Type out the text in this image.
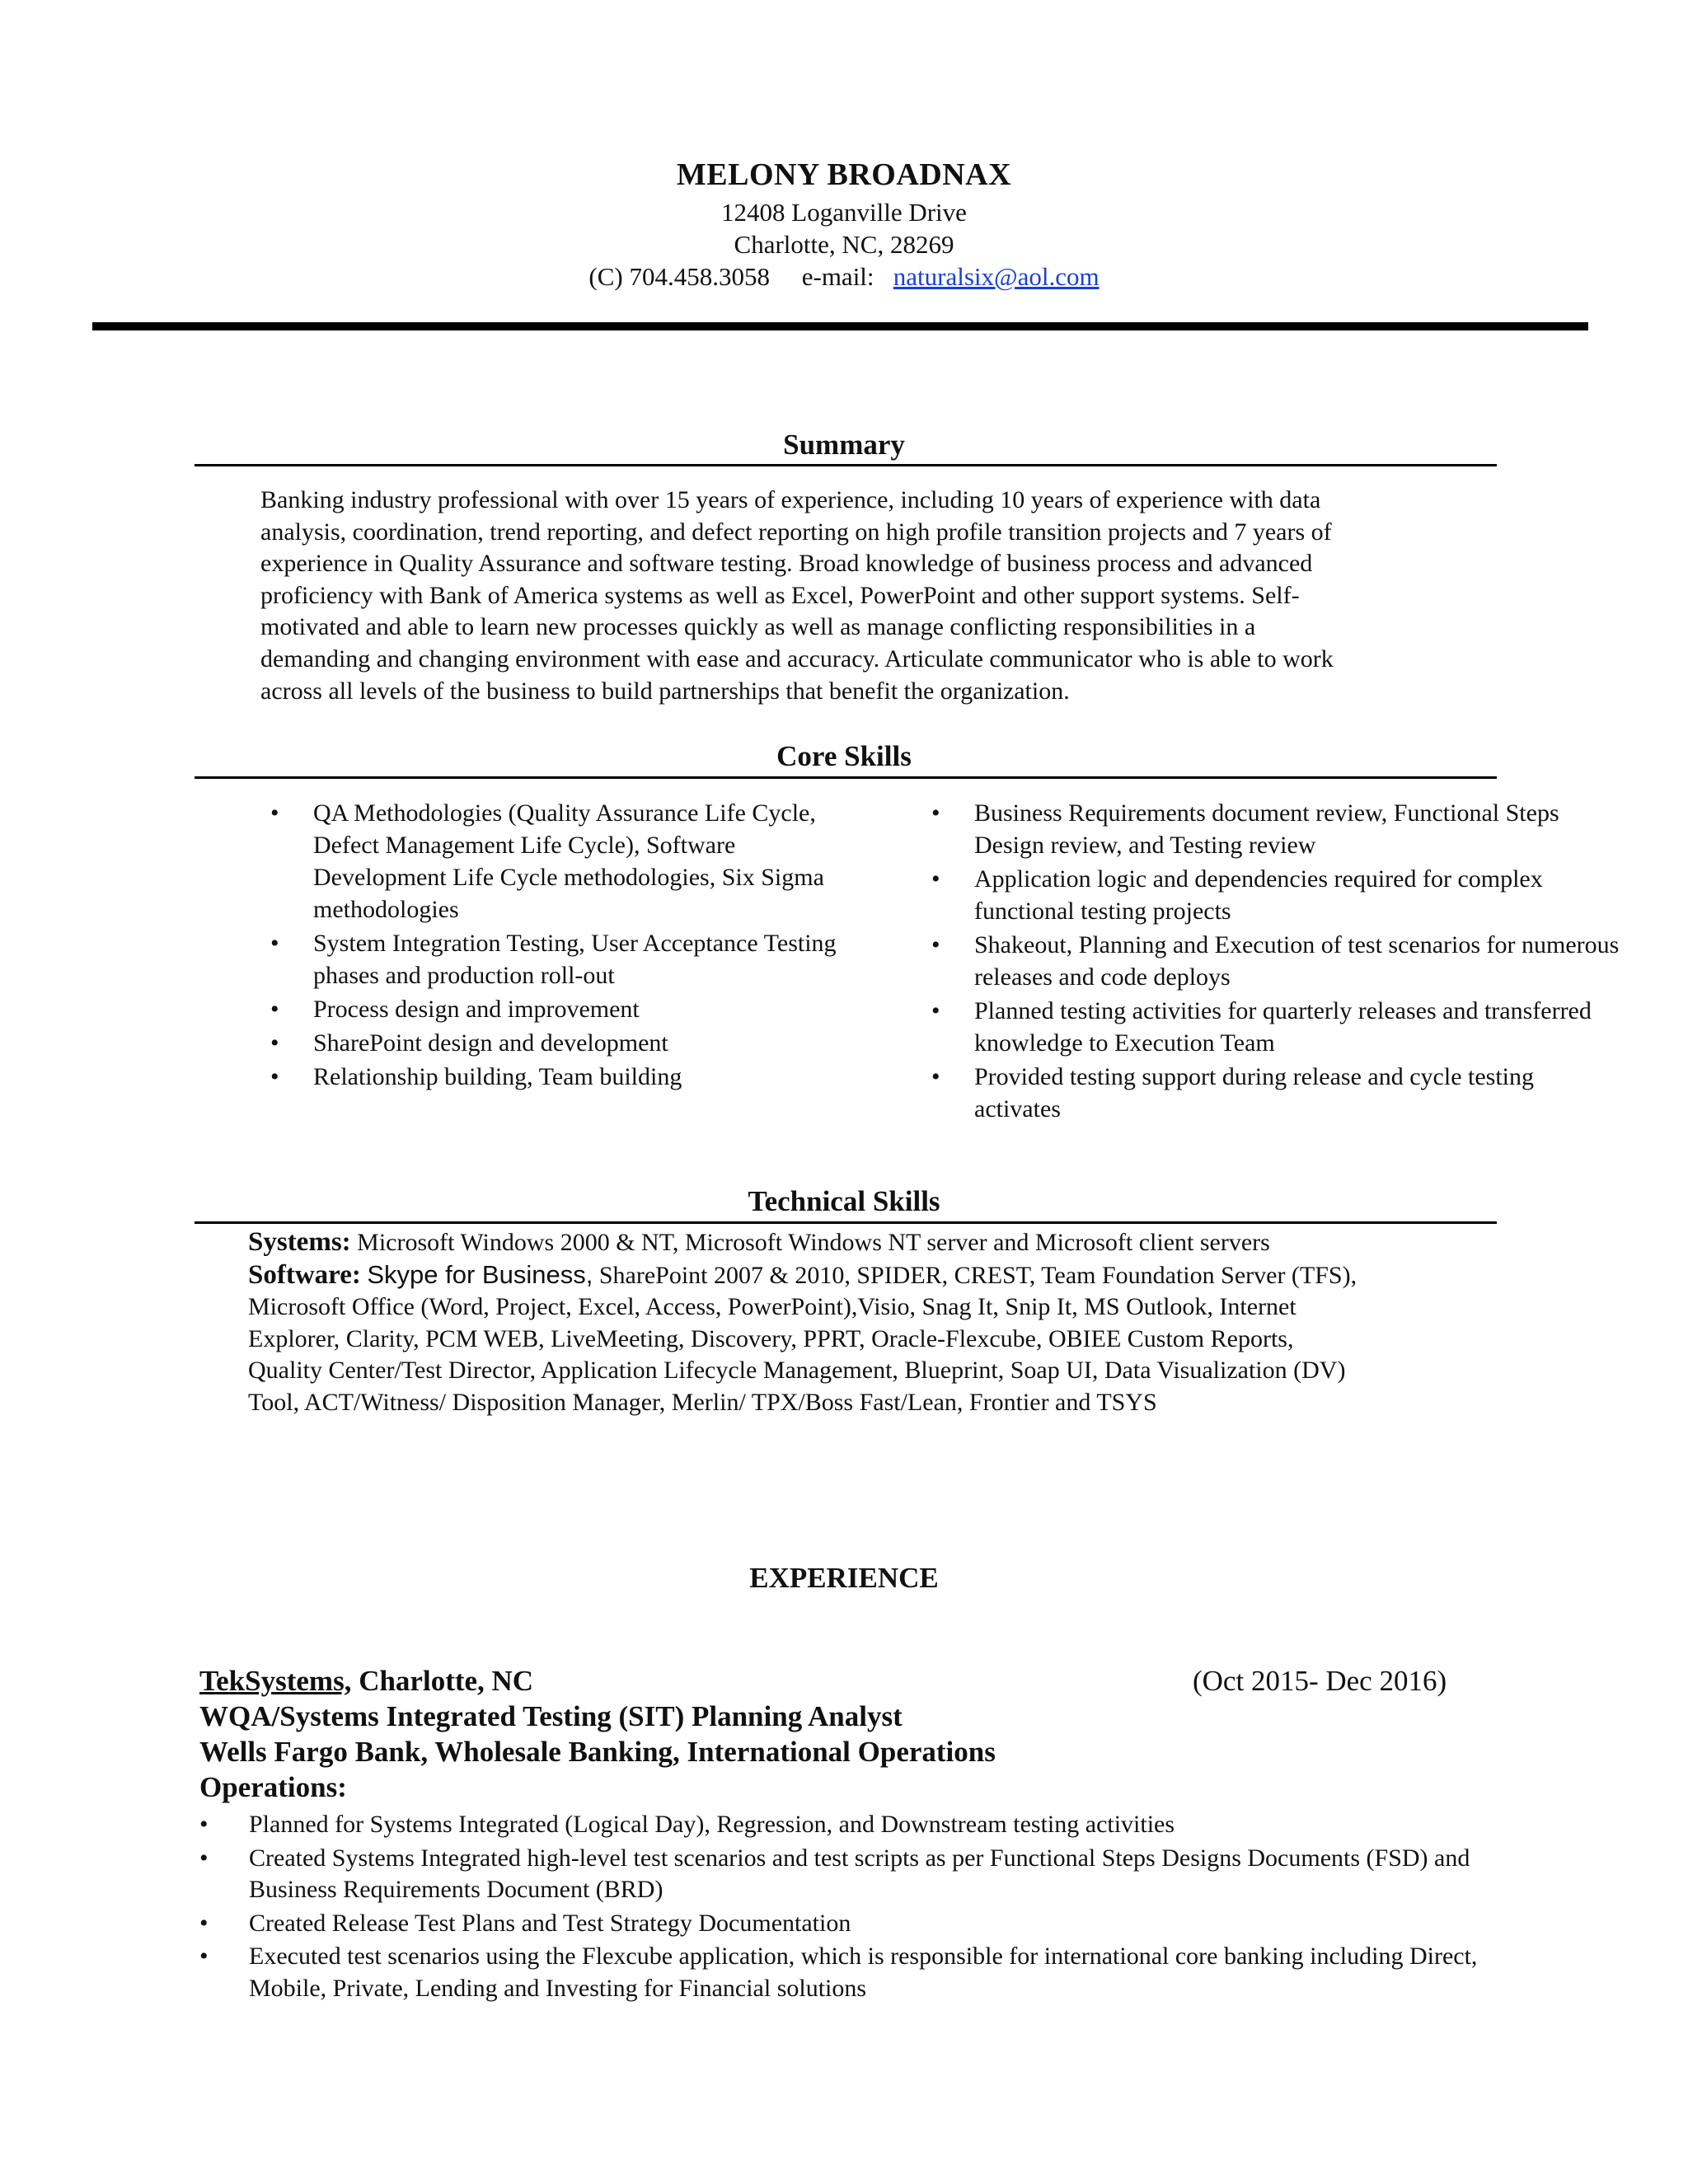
MELONY BROADNAX
12408 Loganville Drive
Charlotte, NC, 28269
(C) 704.458.3058 e-mail: naturalsix@aol.com
Summary
Banking industry professional with over 15 years of experience, including 10 years of experience with data
analysis, coordination, trend reporting, and defect reporting on high profile transition projects and 7 years of
experience in Quality Assurance and software testing. Broad knowledge of business process and advanced
proficiency with Bank of America systems as well as Excel, PowerPoint and other support systems. Self-
motivated and able to learn new processes quickly as well as manage conflicting responsibilities in a
demanding and changing environment with ease and accuracy. Articulate communicator who is able to work
across all levels of the business to build partnerships that benefit the organization.
Core Skills
• QA Methodologies (Quality Assurance Life Cycle, Defect Management Life Cycle), Software Development Life Cycle methodologies, Six Sigma methodologies
• System Integration Testing, User Acceptance Testing phases and production roll-out
• Process design and improvement
• SharePoint design and development
• Relationship building, Team building
• Business Requirements document review, Functional Steps Design review, and Testing review
• Application logic and dependencies required for complex functional testing projects
• Shakeout, Planning and Execution of test scenarios for numerous releases and code deploys
• Planned testing activities for quarterly releases and transferred knowledge to Execution Team
• Provided testing support during release and cycle testing activates
Technical Skills
Systems: Microsoft Windows 2000 & NT, Microsoft Windows NT server and Microsoft client servers
Software: Skype for Business, SharePoint 2007 & 2010, SPIDER, CREST, Team Foundation Server (TFS),
Microsoft Office (Word, Project, Excel, Access, PowerPoint),Visio, Snag It, Snip It, MS Outlook, Internet
Explorer, Clarity, PCM WEB, LiveMeeting, Discovery, PPRT, Oracle-Flexcube, OBIEE Custom Reports,
Quality Center/Test Director, Application Lifecycle Management, Blueprint, Soap UI, Data Visualization (DV)
Tool, ACT/Witness/ Disposition Manager, Merlin/ TPX/Boss Fast/Lean, Frontier and TSYS
EXPERIENCE
TekSystems, Charlotte, NC	(Oct 2015- Dec 2016)
WQA/Systems Integrated Testing (SIT) Planning Analyst
Wells Fargo Bank, Wholesale Banking, International Operations
Operations:
• Planned for Systems Integrated (Logical Day), Regression, and Downstream testing activities
• Created Systems Integrated high-level test scenarios and test scripts as per Functional Steps Designs Documents (FSD) and Business Requirements Document (BRD)
• Created Release Test Plans and Test Strategy Documentation
• Executed test scenarios using the Flexcube application, which is responsible for international core banking including Direct, Mobile, Private, Lending and Investing for Financial solutions
